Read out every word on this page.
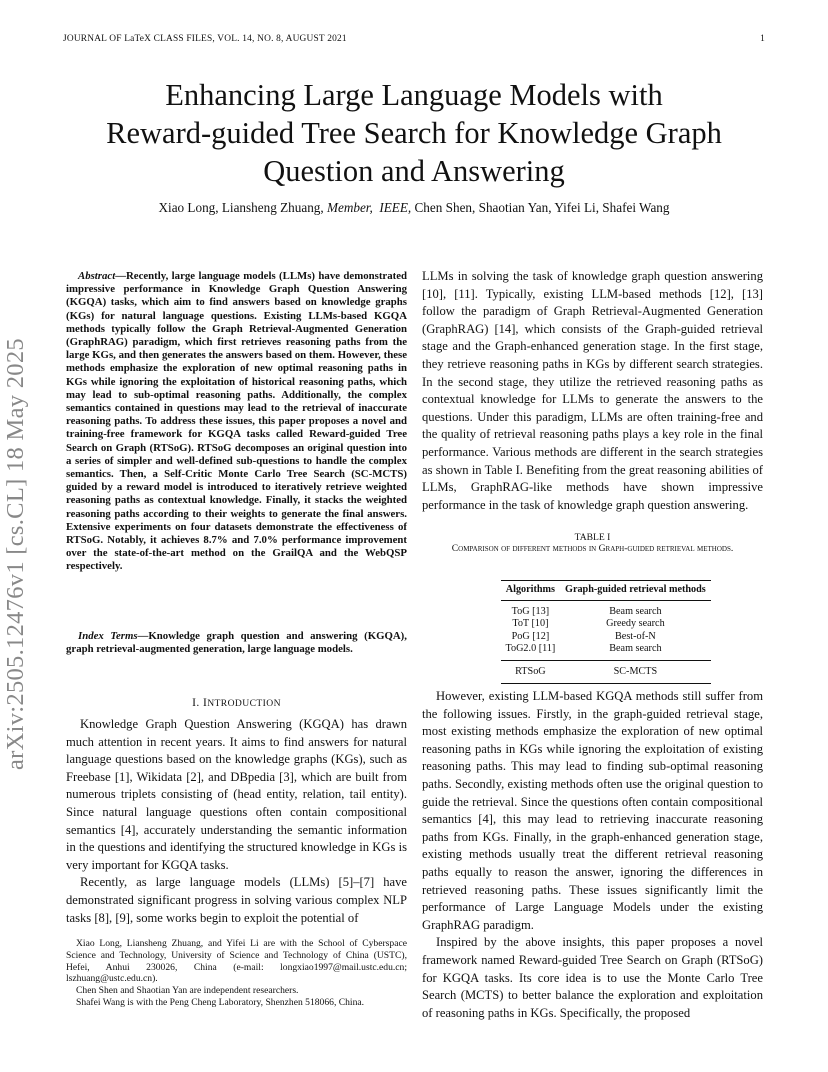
JOURNAL OF LaTeX CLASS FILES, VOL. 14, NO. 8, AUGUST 2021	1
Enhancing Large Language Models with
Reward-guided Tree Search for Knowledge Graph
Question and Answering
Xiao Long, Liansheng Zhuang, Member, IEEE, Chen Shen, Shaotian Yan, Yifei Li, Shafei Wang
arXiv:2505.12476v1 [cs.CL] 18 May 2025

Abstract—Recently, large language models (LLMs) have demonstrated impressive performance in Knowledge Graph Question Answering (KGQA) tasks, which aim to find answers based on knowledge graphs (KGs) for natural language questions. Existing LLMs-based KGQA methods typically follow the Graph Retrieval-Augmented Generation (GraphRAG) paradigm, which first retrieves reasoning paths from the large KGs, and then generates the answers based on them. However, these methods emphasize the exploration of new optimal reasoning paths in KGs while ignoring the exploitation of historical reasoning paths, which may lead to sub-optimal reasoning paths. Additionally, the complex semantics contained in questions may lead to the retrieval of inaccurate reasoning paths. To address these issues, this paper proposes a novel and training-free framework for KGQA tasks called Reward-guided Tree Search on Graph (RTSoG). RTSoG decomposes an original question into a series of simpler and well-defined sub-questions to handle the complex semantics. Then, a Self-Critic Monte Carlo Tree Search (SC-MCTS) guided by a reward model is introduced to iteratively retrieve weighted reasoning paths as contextual knowledge. Finally, it stacks the weighted reasoning paths according to their weights to generate the final answers. Extensive experiments on four datasets demonstrate the effectiveness of RTSoG. Notably, it achieves 8.7% and 7.0% performance improvement over the state-of-the-art method on the GrailQA and the WebQSP respectively.

Index Terms—Knowledge graph question and answering (KGQA), graph retrieval-augmented generation, large language models.

I. INTRODUCTION

Knowledge Graph Question Answering (KGQA) has drawn much attention in recent years. It aims to find answers for natural language questions based on the knowledge graphs (KGs), such as Freebase [1], Wikidata [2], and DBpedia [3], which are built from numerous triplets consisting of (head entity, relation, tail entity). Since natural language questions often contain compositional semantics [4], accurately understanding the semantic information in the questions and identifying the structured knowledge in KGs is very important for KGQA tasks.

Recently, as large language models (LLMs) [5]–[7] have demonstrated significant progress in solving various complex NLP tasks [8], [9], some works begin to exploit the potential of

Xiao Long, Liansheng Zhuang, and Yifei Li are with the School of Cyberspace Science and Technology, University of Science and Technology of China (USTC), Hefei, Anhui 230026, China (e-mail: longxiao1997@mail.ustc.edu.cn; lszhuang@ustc.edu.cn).

Chen Shen and Shaotian Yan are independent researchers.

Shafei Wang is with the Peng Cheng Laboratory, Shenzhen 518066, China.

LLMs in solving the task of knowledge graph question answering [10], [11]. Typically, existing LLM-based methods [12], [13] follow the paradigm of Graph Retrieval-Augmented Generation (GraphRAG) [14], which consists of the Graph-guided retrieval stage and the Graph-enhanced generation stage. In the first stage, they retrieve reasoning paths in KGs by different search strategies. In the second stage, they utilize the retrieved reasoning paths as contextual knowledge for LLMs to generate the answers to the questions. Under this paradigm, LLMs are often training-free and the quality of retrieval reasoning paths plays a key role in the final performance. Various methods are different in the search strategies as shown in Table I. Benefiting from the great reasoning abilities of LLMs, GraphRAG-like methods have shown impressive performance in the task of knowledge graph question answering.

TABLE I
Comparison of different methods in Graph-guided retrieval methods.
Algorithms	Graph-guided retrieval methods
ToG [13]	Beam search
ToT [10]	Greedy search
PoG [12]	Best-of-N
ToG2.0 [11]	Beam search
RTSoG	SC-MCTS

However, existing LLM-based KGQA methods still suffer from the following issues. Firstly, in the graph-guided retrieval stage, most existing methods emphasize the exploration of new optimal reasoning paths in KGs while ignoring the exploitation of existing reasoning paths. This may lead to finding sub-optimal reasoning paths. Secondly, existing methods often use the original question to guide the retrieval. Since the questions often contain compositional semantics [4], this may lead to retrieving inaccurate reasoning paths from KGs. Finally, in the graph-enhanced generation stage, existing methods usually treat the different retrieval reasoning paths equally to reason the answer, ignoring the differences in retrieved reasoning paths. These issues significantly limit the performance of Large Language Models under the existing GraphRAG paradigm.

Inspired by the above insights, this paper proposes a novel framework named Reward-guided Tree Search on Graph (RTSoG) for KGQA tasks. Its core idea is to use the Monte Carlo Tree Search (MCTS) to better balance the exploration and exploitation of reasoning paths in KGs. Specifically, the proposed
